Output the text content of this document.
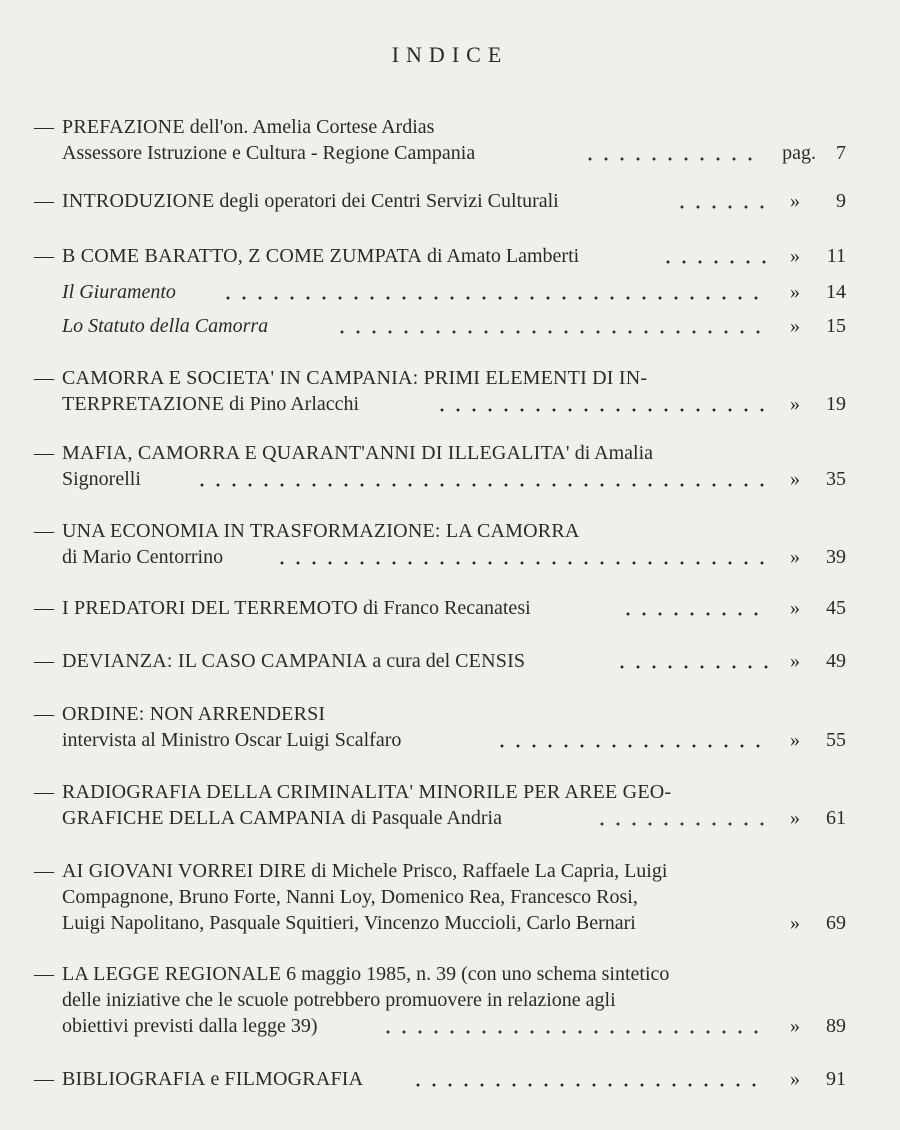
INDICE
— PREFAZIONE dell'on. Amelia Cortese Ardias
Assessore Istruzione e Cultura - Regione Campania	pag. 7
— INTRODUZIONE degli operatori dei Centri Servizi Culturali	» 9
— B COME BARATTO, Z COME ZUMPATA di Amato Lamberti	» 11
Il Giuramento	» 14
Lo Statuto della Camorra	» 15
— CAMORRA E SOCIETA' IN CAMPANIA: PRIMI ELEMENTI DI IN-
TERPRETAZIONE di Pino Arlacchi	» 19
— MAFIA, CAMORRA E QUARANT'ANNI DI ILLEGALITA' di Amalia
Signorelli	» 35
— UNA ECONOMIA IN TRASFORMAZIONE: LA CAMORRA
di Mario Centorrino	» 39
— I PREDATORI DEL TERREMOTO di Franco Recanatesi	» 45
— DEVIANZA: IL CASO CAMPANIA a cura del CENSIS	» 49
— ORDINE: NON ARRENDERSI
intervista al Ministro Oscar Luigi Scalfaro	» 55
— RADIOGRAFIA DELLA CRIMINALITA' MINORILE PER AREE GEO-
GRAFICHE DELLA CAMPANIA di Pasquale Andria	» 61
— AI GIOVANI VORREI DIRE di Michele Prisco, Raffaele La Capria, Luigi
Compagnone, Bruno Forte, Nanni Loy, Domenico Rea, Francesco Rosi,
Luigi Napolitano, Pasquale Squitieri, Vincenzo Muccioli, Carlo Bernari	» 69
— LA LEGGE REGIONALE 6 maggio 1985, n. 39 (con uno schema sintetico
delle iniziative che le scuole potrebbero promuovere in relazione agli
obiettivi previsti dalla legge 39)	» 89
— BIBLIOGRAFIA e FILMOGRAFIA	» 91
